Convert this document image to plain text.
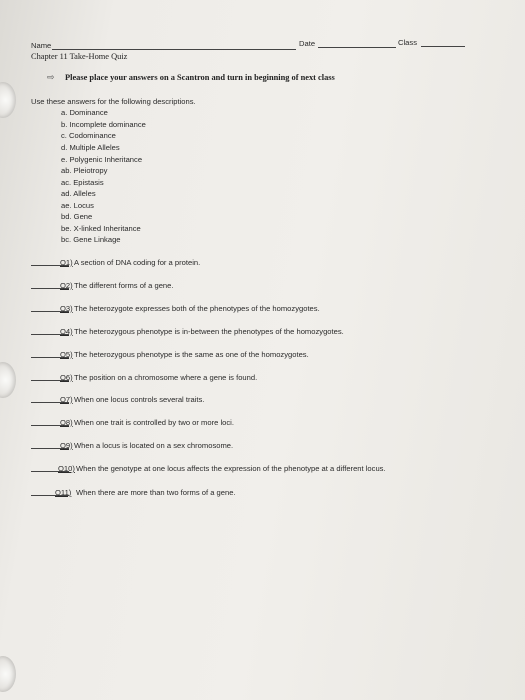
Name	Date	Class
Chapter 11 Take-Home Quiz
⇨ Please place your answers on a Scantron and turn in beginning of next class
Use these answers for the following descriptions.
a. Dominance
b. Incomplete dominance
c. Codominance
d. Multiple Alleles
e. Polygenic Inheritance
ab. Pleiotropy
ac. Epistasis
ad. Alleles
ae. Locus
bd. Gene
be. X-linked Inheritance
bc. Gene Linkage
Q1) A section of DNA coding for a protein.
Q2) The different forms of a gene.
Q3) The heterozygote expresses both of the phenotypes of the homozygotes.
Q4) The heterozygous phenotype is in-between the phenotypes of the homozygotes.
Q5) The heterozygous phenotype is the same as one of the homozygotes.
Q6) The position on a chromosome where a gene is found.
Q7) When one locus controls several traits.
Q8) When one trait is controlled by two or more loci.
Q9) When a locus is located on a sex chromosome.
Q10) When the genotype at one locus affects the expression of the phenotype at a different locus.
Q11) When there are more than two forms of a gene.
